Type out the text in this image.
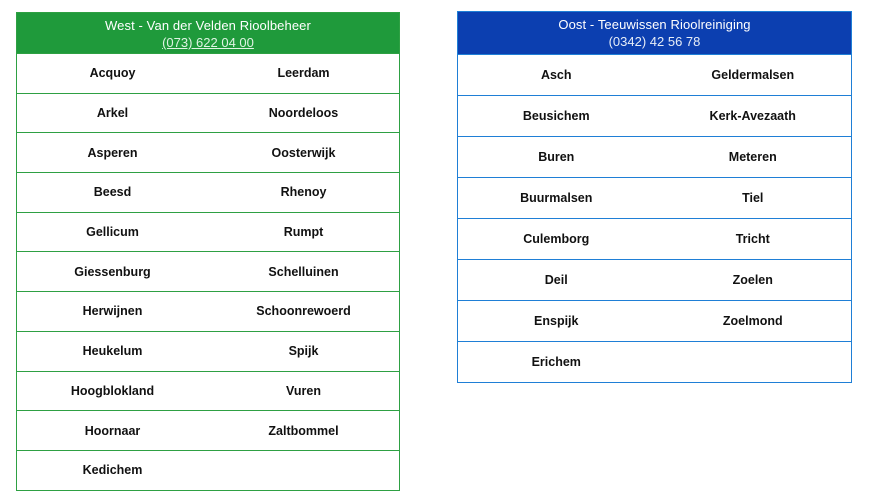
West - Van der Velden Rioolbeheer
(073) 622 04 00
Acquoy	Leerdam
Arkel	Noordeloos
Asperen	Oosterwijk
Beesd	Rhenoy
Gellicum	Rumpt
Giessenburg	Schelluinen
Herwijnen	Schoonrewoerd
Heukelum	Spijk
Hoogblokland	Vuren
Hoornaar	Zaltbommel
Kedichem
Oost - Teeuwissen Rioolreiniging
(0342) 42 56 78
Asch	Geldermalsen
Beusichem	Kerk-Avezaath
Buren	Meteren
Buurmalsen	Tiel
Culemborg	Tricht
Deil	Zoelen
Enspijk	Zoelmond
Erichem
